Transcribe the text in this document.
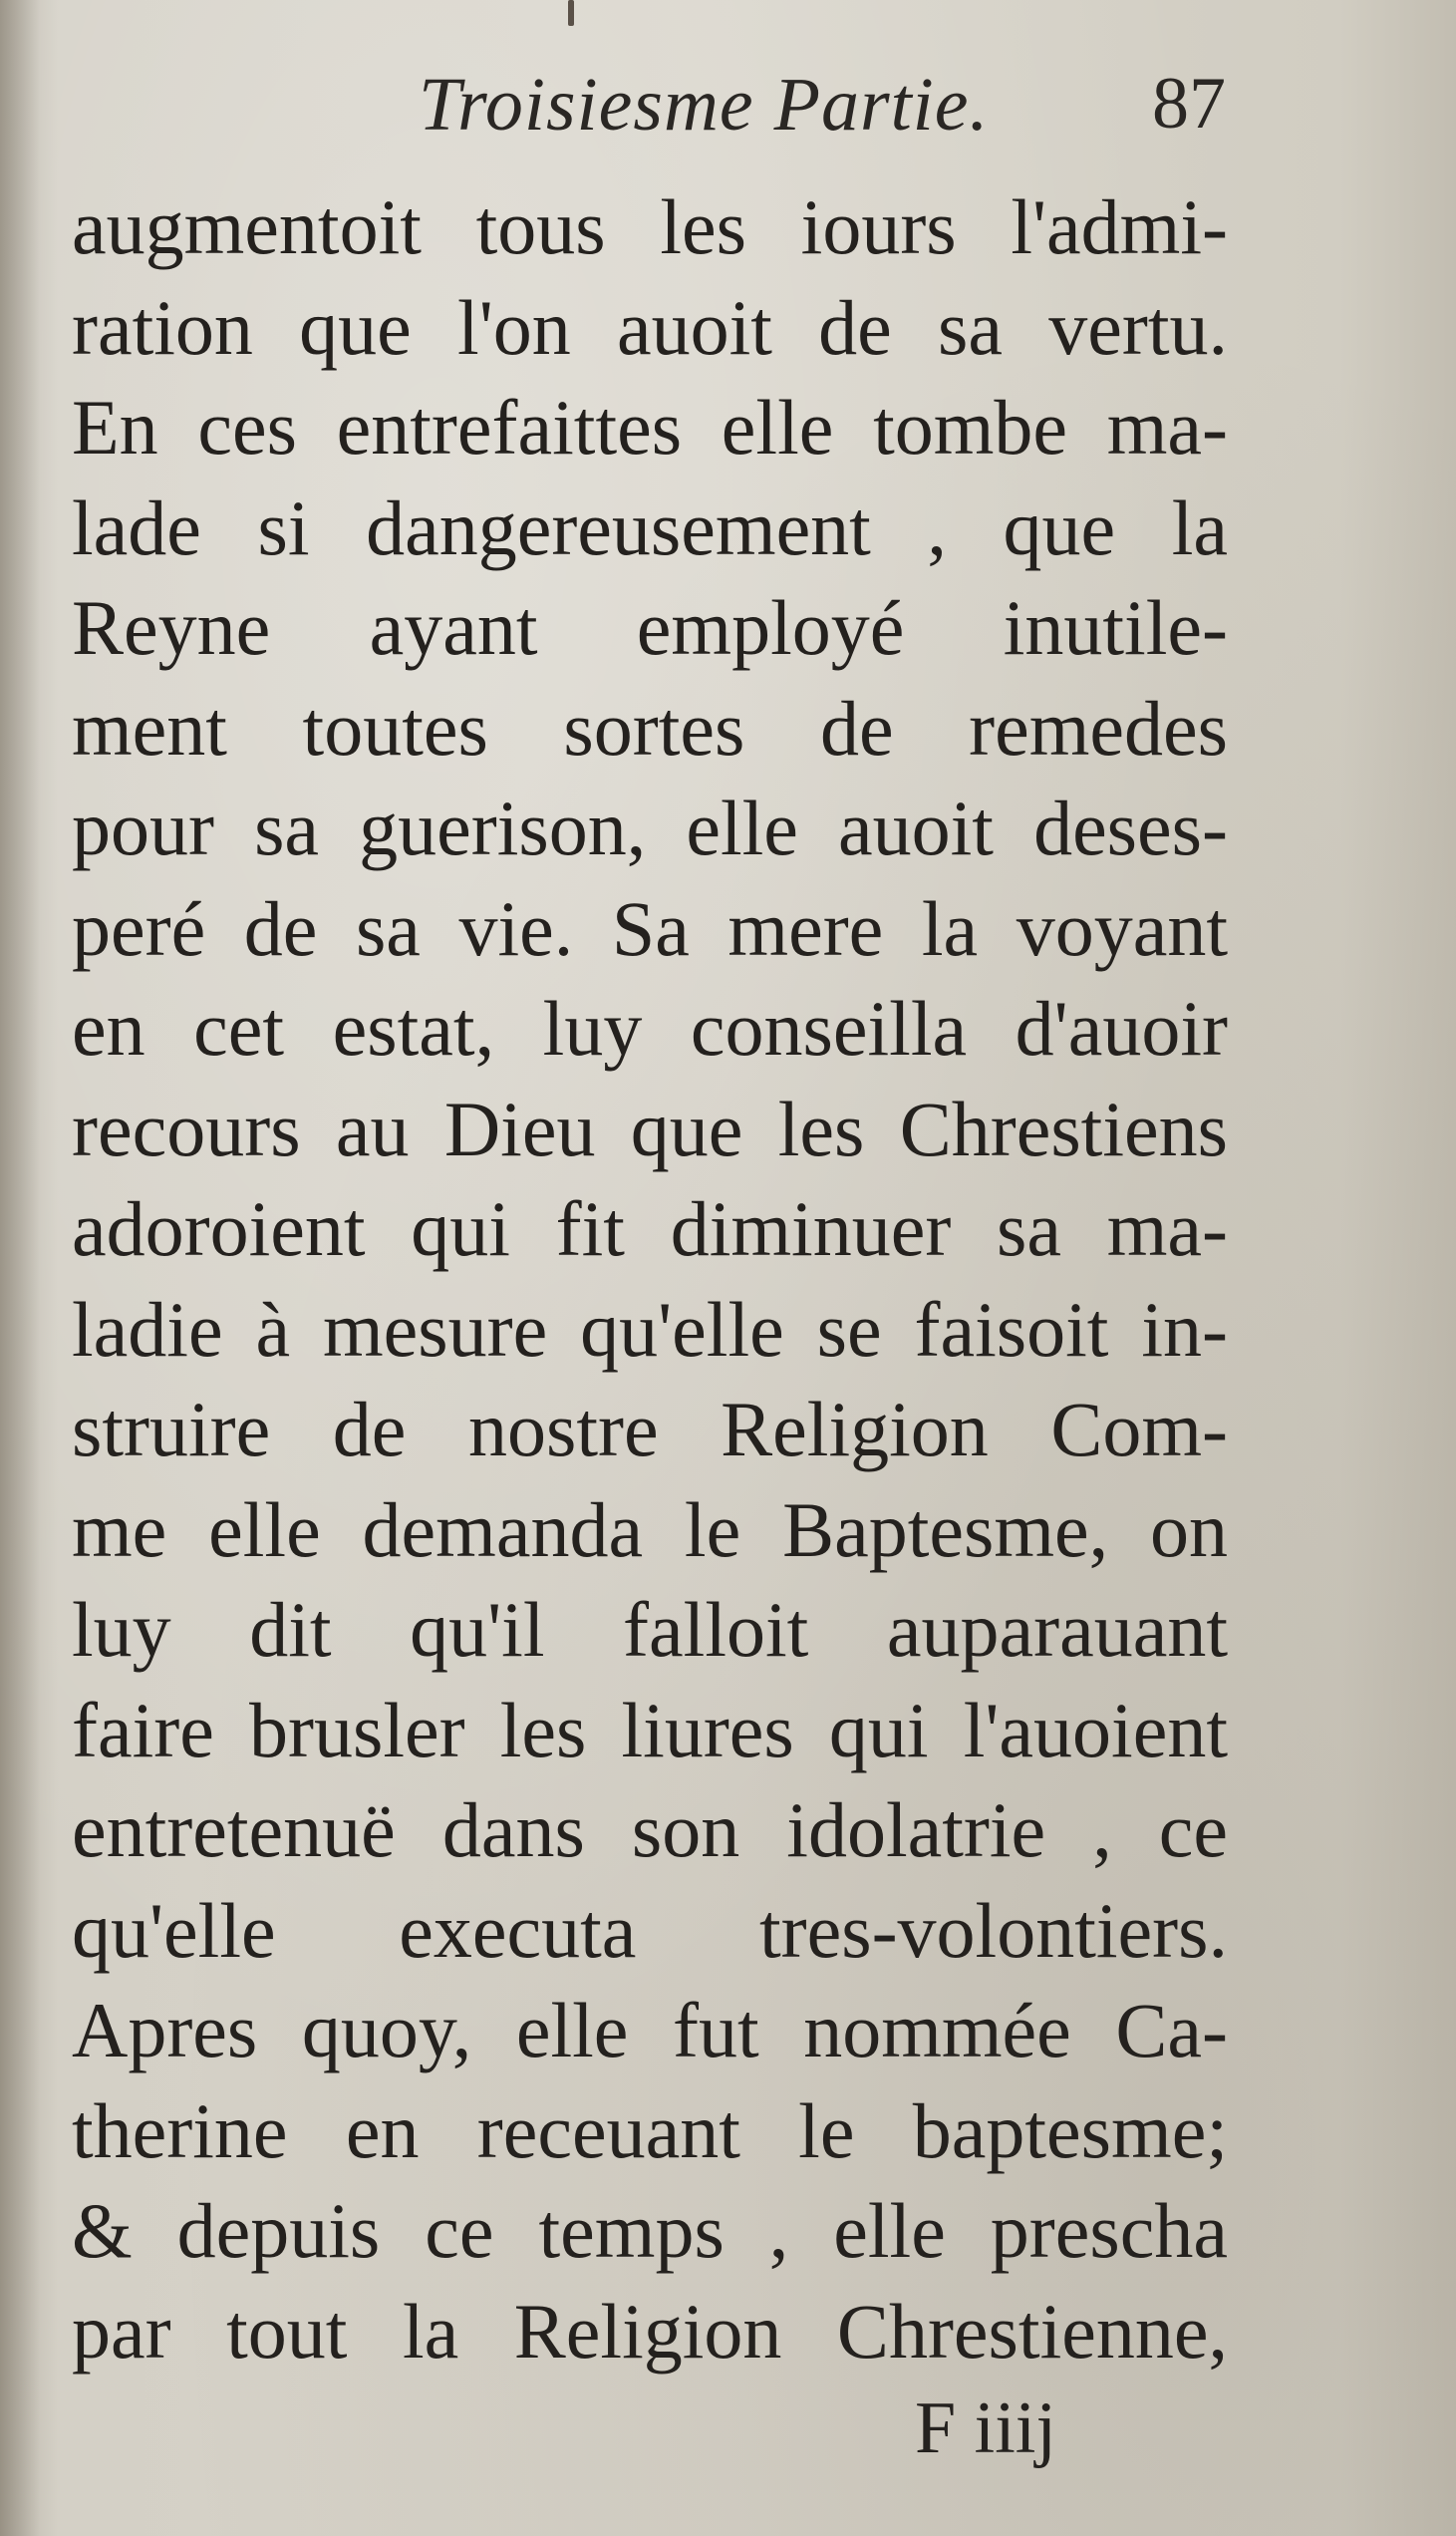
Troisiesme Partie. 87
augmentoit tous les iours l'admi-
ration que l'on auoit de sa vertu.
En ces entrefaittes elle tombe ma-
lade si dangereusement , que la
Reyne ayant employé inutile-
ment toutes sortes de remedes
pour sa guerison, elle auoit deses-
peré de sa vie. Sa mere la voyant
en cet estat, luy conseilla d'auoir
recours au Dieu que les Chrestiens
adoroient qui fit diminuer sa ma-
ladie à mesure qu'elle se faisoit in-
struire de nostre Religion Com-
me elle demanda le Baptesme, on
luy dit qu'il falloit auparauant
faire brusler les liures qui l'auoient
entretenuë dans son idolatrie , ce
qu'elle executa tres-volontiers.
Apres quoy, elle fut nommée Ca-
therine en receuant le baptesme;
& depuis ce temps , elle prescha
par tout la Religion Chrestienne,
F iiij
